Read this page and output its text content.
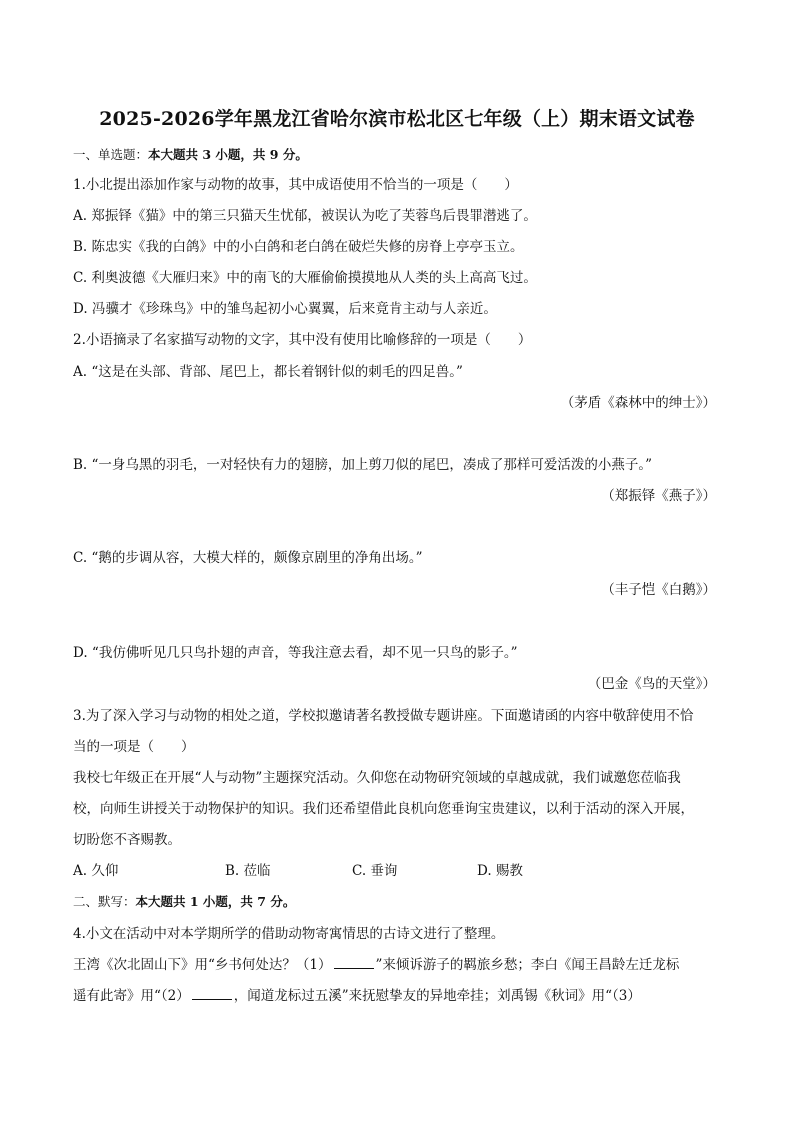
2025-2026学年黑龙江省哈尔滨市松北区七年级（上）期末语文试卷
一、单选题：本大题共 3 小题，共 9 分。
1.小北提出添加作家与动物的故事，其中成语使用不恰当的一项是（　　）
A. 郑振铎《猫》中的第三只猫天生忧郁，被误认为吃了芙蓉鸟后畏罪潜逃了。
B. 陈忠实《我的白鸽》中的小白鸽和老白鸽在破烂失修的房脊上亭亭玉立。
C. 利奥波德《大雁归来》中的南飞的大雁偷偷摸摸地从人类的头上高高飞过。
D. 冯骥才《珍珠鸟》中的雏鸟起初小心翼翼，后来竟肯主动与人亲近。
2.小语摘录了名家描写动物的文字，其中没有使用比喻修辞的一项是（　　）
A. “这是在头部、背部、尾巴上，都长着钢针似的刺毛的四足兽。”
（茅盾《森林中的绅士》）
B. “一身乌黑的羽毛，一对轻快有力的翅膀，加上剪刀似的尾巴，凑成了那样可爱活泼的小燕子。”
（郑振铎《燕子》）
C. “鹅的步调从容，大模大样的，颇像京剧里的净角出场。”
（丰子恺《白鹅》）
D. “我仿佛听见几只鸟扑翅的声音，等我注意去看，却不见一只鸟的影子。”
（巴金《鸟的天堂》）
3.为了深入学习与动物的相处之道，学校拟邀请著名教授做专题讲座。下面邀请函的内容中敬辞使用不恰
当的一项是（　　）
我校七年级正在开展“人与动物”主题探究活动。久仰您在动物研究领域的卓越成就，我们诚邀您莅临我
校，向师生讲授关于动物保护的知识。我们还希望借此良机向您垂询宝贵建议，以利于活动的深入开展，
切盼您不吝赐教。
A. 久仰	B. 莅临	C. 垂询	D. 赐教
二、默写：本大题共 1 小题，共 7 分。
4.小文在活动中对本学期所学的借助动物寄寓情思的古诗文进行了整理。
王湾《次北固山下》用“乡书何处达？（1）	”来倾诉游子的羁旅乡愁；李白《闻王昌龄左迁龙标
遥有此寄》用“（2）	，闻道龙标过五溪”来抚慰挚友的异地牵挂；刘禹锡《秋词》用“（3）
